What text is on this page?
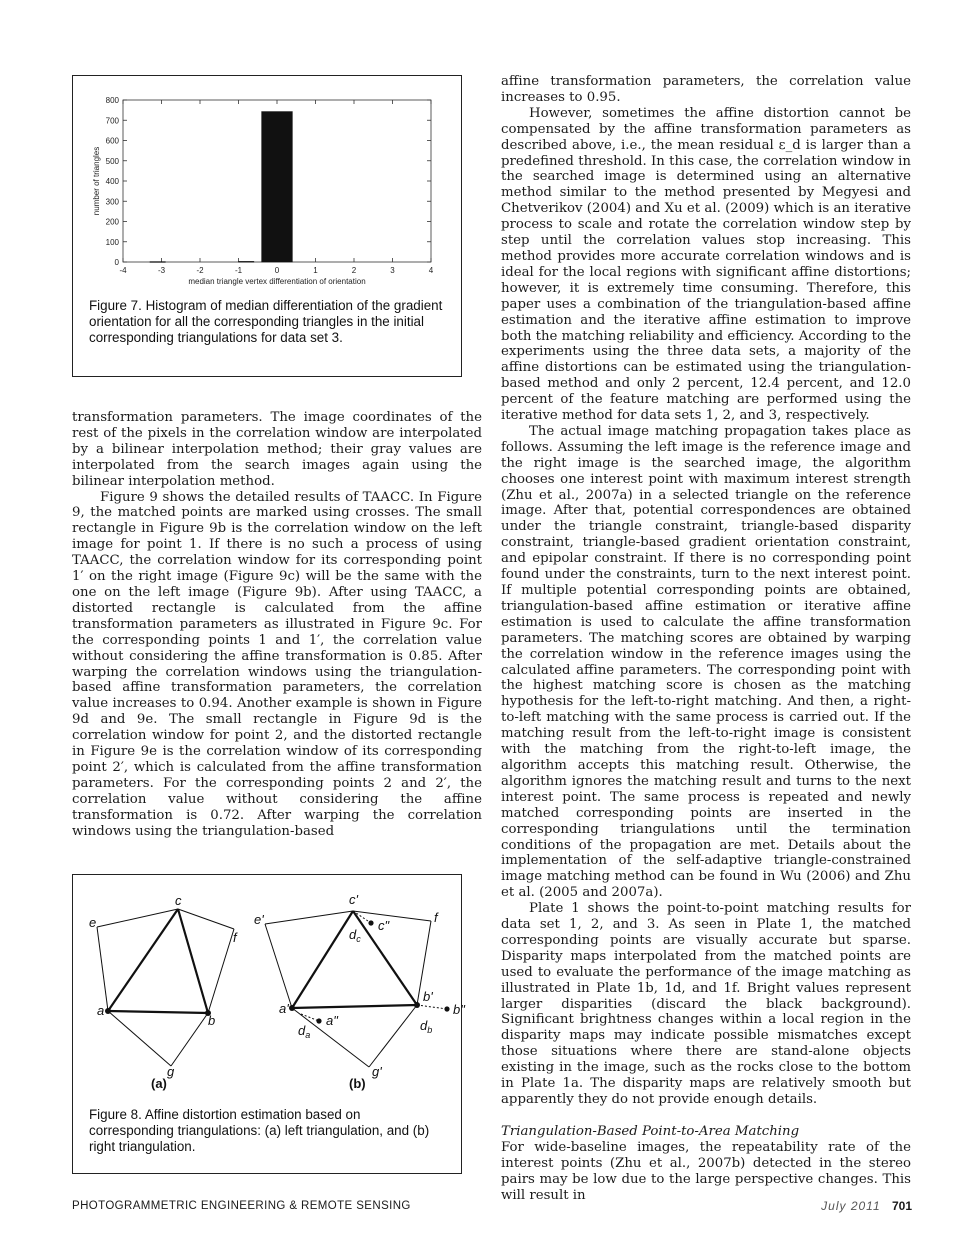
-4	-3	-2	-1	0	1	2	3	4
0
100
200
300
400
500
600
700
800
median triangle vertex differentiation of orientation
number of triangles
Figure 7. Histogram of median differentiation of the gradient orientation for all the corresponding triangles in the initial corresponding triangulations for data set 3.
c
e
f
a
b
g
c'
c"
$d_c$
e'	f
a'
a"
$d_a$
b'
b"
$d_b$
g'
(a)	(b)
Figure 8. Affine distortion estimation based on corresponding triangulations: (a) left triangulation, and (b) right triangulation.

transformation parameters. The image coordinates of the rest of the pixels in the correlation window are interpolated by a bilinear interpolation method; their gray values are interpolated from the search images again using the bilinear interpolation method.

Figure 9 shows the detailed results of TAACC. In Figure 9, the matched points are marked using crosses. The small rectangle in Figure 9b is the correlation window on the left image for point 1. If there is no such a process of using TAACC, the correlation window for its corresponding point 1′ on the right image (Figure 9c) will be the same with the one on the left image (Figure 9b). After using TAACC, a distorted rectangle is calculated from the affine transformation parameters as illustrated in Figure 9c. For the corresponding points 1 and 1′, the correlation value without considering the affine transformation is 0.85. After warping the correlation windows using the triangulation-based affine transformation parameters, the correlation value increases to 0.94. Another example is shown in Figure 9d and 9e. The small rectangle in Figure 9d is the correlation window for point 2, and the distorted rectangle in Figure 9e is the correlation window of its corresponding point 2′, which is calculated from the affine transformation parameters. For the corresponding points 2 and 2′, the correlation value without considering the affine transformation is 0.72. After warping the correlation windows using the triangulation-based

affine transformation parameters, the correlation value increases to 0.95.

However, sometimes the affine distortion cannot be compensated by the affine transformation parameters as described above, i.e., the mean residual ε_d is larger than a predefined threshold. In this case, the correlation window in the searched image is determined using an alternative method similar to the method presented by Megyesi and Chetverikov (2004) and Xu et al. (2009) which is an iterative process to scale and rotate the correlation window step by step until the correlation values stop increasing. This method provides more accurate correlation windows and is ideal for the local regions with significant affine distortions; however, it is extremely time consuming. Therefore, this paper uses a combination of the triangulation-based affine estimation and the iterative affine estimation to improve both the matching reliability and efficiency. According to the experiments using the three data sets, a majority of the affine distortions can be estimated using the triangulation-based method and only 2 percent, 12.4 percent, and 12.0 percent of the feature matching are performed using the iterative method for data sets 1, 2, and 3, respectively.

The actual image matching propagation takes place as follows. Assuming the left image is the reference image and the right image is the searched image, the algorithm chooses one interest point with maximum interest strength (Zhu et al., 2007a) in a selected triangle on the reference image. After that, potential correspondences are obtained under the triangle constraint, triangle-based disparity constraint, triangle-based gradient orientation constraint, and epipolar constraint. If there is no corresponding point found under the constraints, turn to the next interest point. If multiple potential corresponding points are obtained, triangulation-based affine estimation or iterative affine estimation is used to calculate the affine transformation parameters. The matching scores are obtained by warping the correlation window in the reference images using the calculated affine parameters. The corresponding point with the highest matching score is chosen as the matching hypothesis for the left-to-right matching. And then, a right-to-left matching with the same process is carried out. If the matching result from the left-to-right image is consistent with the matching from the right-to-left image, the algorithm accepts this matching result. Otherwise, the algorithm ignores the matching result and turns to the next interest point. The same process is repeated and newly matched corresponding points are inserted in the corresponding triangulations until the termination conditions of the propagation are met. Details about the implementation of the self-adaptive triangle-constrained image matching method can be found in Wu (2006) and Zhu et al. (2005 and 2007a).

Plate 1 shows the point-to-point matching results for data set 1, 2, and 3. As seen in Plate 1, the matched corresponding points are visually accurate but sparse. Disparity maps interpolated from the matched points are used to evaluate the performance of the image matching as illustrated in Plate 1b, 1d, and 1f. Bright values represent larger disparities (discard the black background). Significant brightness changes within a local region in the disparity maps may indicate possible mismatches except those situations where there are stand-alone objects existing in the image, such as the rocks close to the bottom in Plate 1a. The disparity maps are relatively smooth but apparently they do not provide enough details.

Triangulation-Based Point-to-Area Matching

For wide-baseline images, the repeatability rate of the interest points (Zhu et al., 2007b) detected in the stereo pairs may be low due to the large perspective changes. This will result in

PHOTOGRAMMETRIC ENGINEERING & REMOTE SENSING	July 2011 701
